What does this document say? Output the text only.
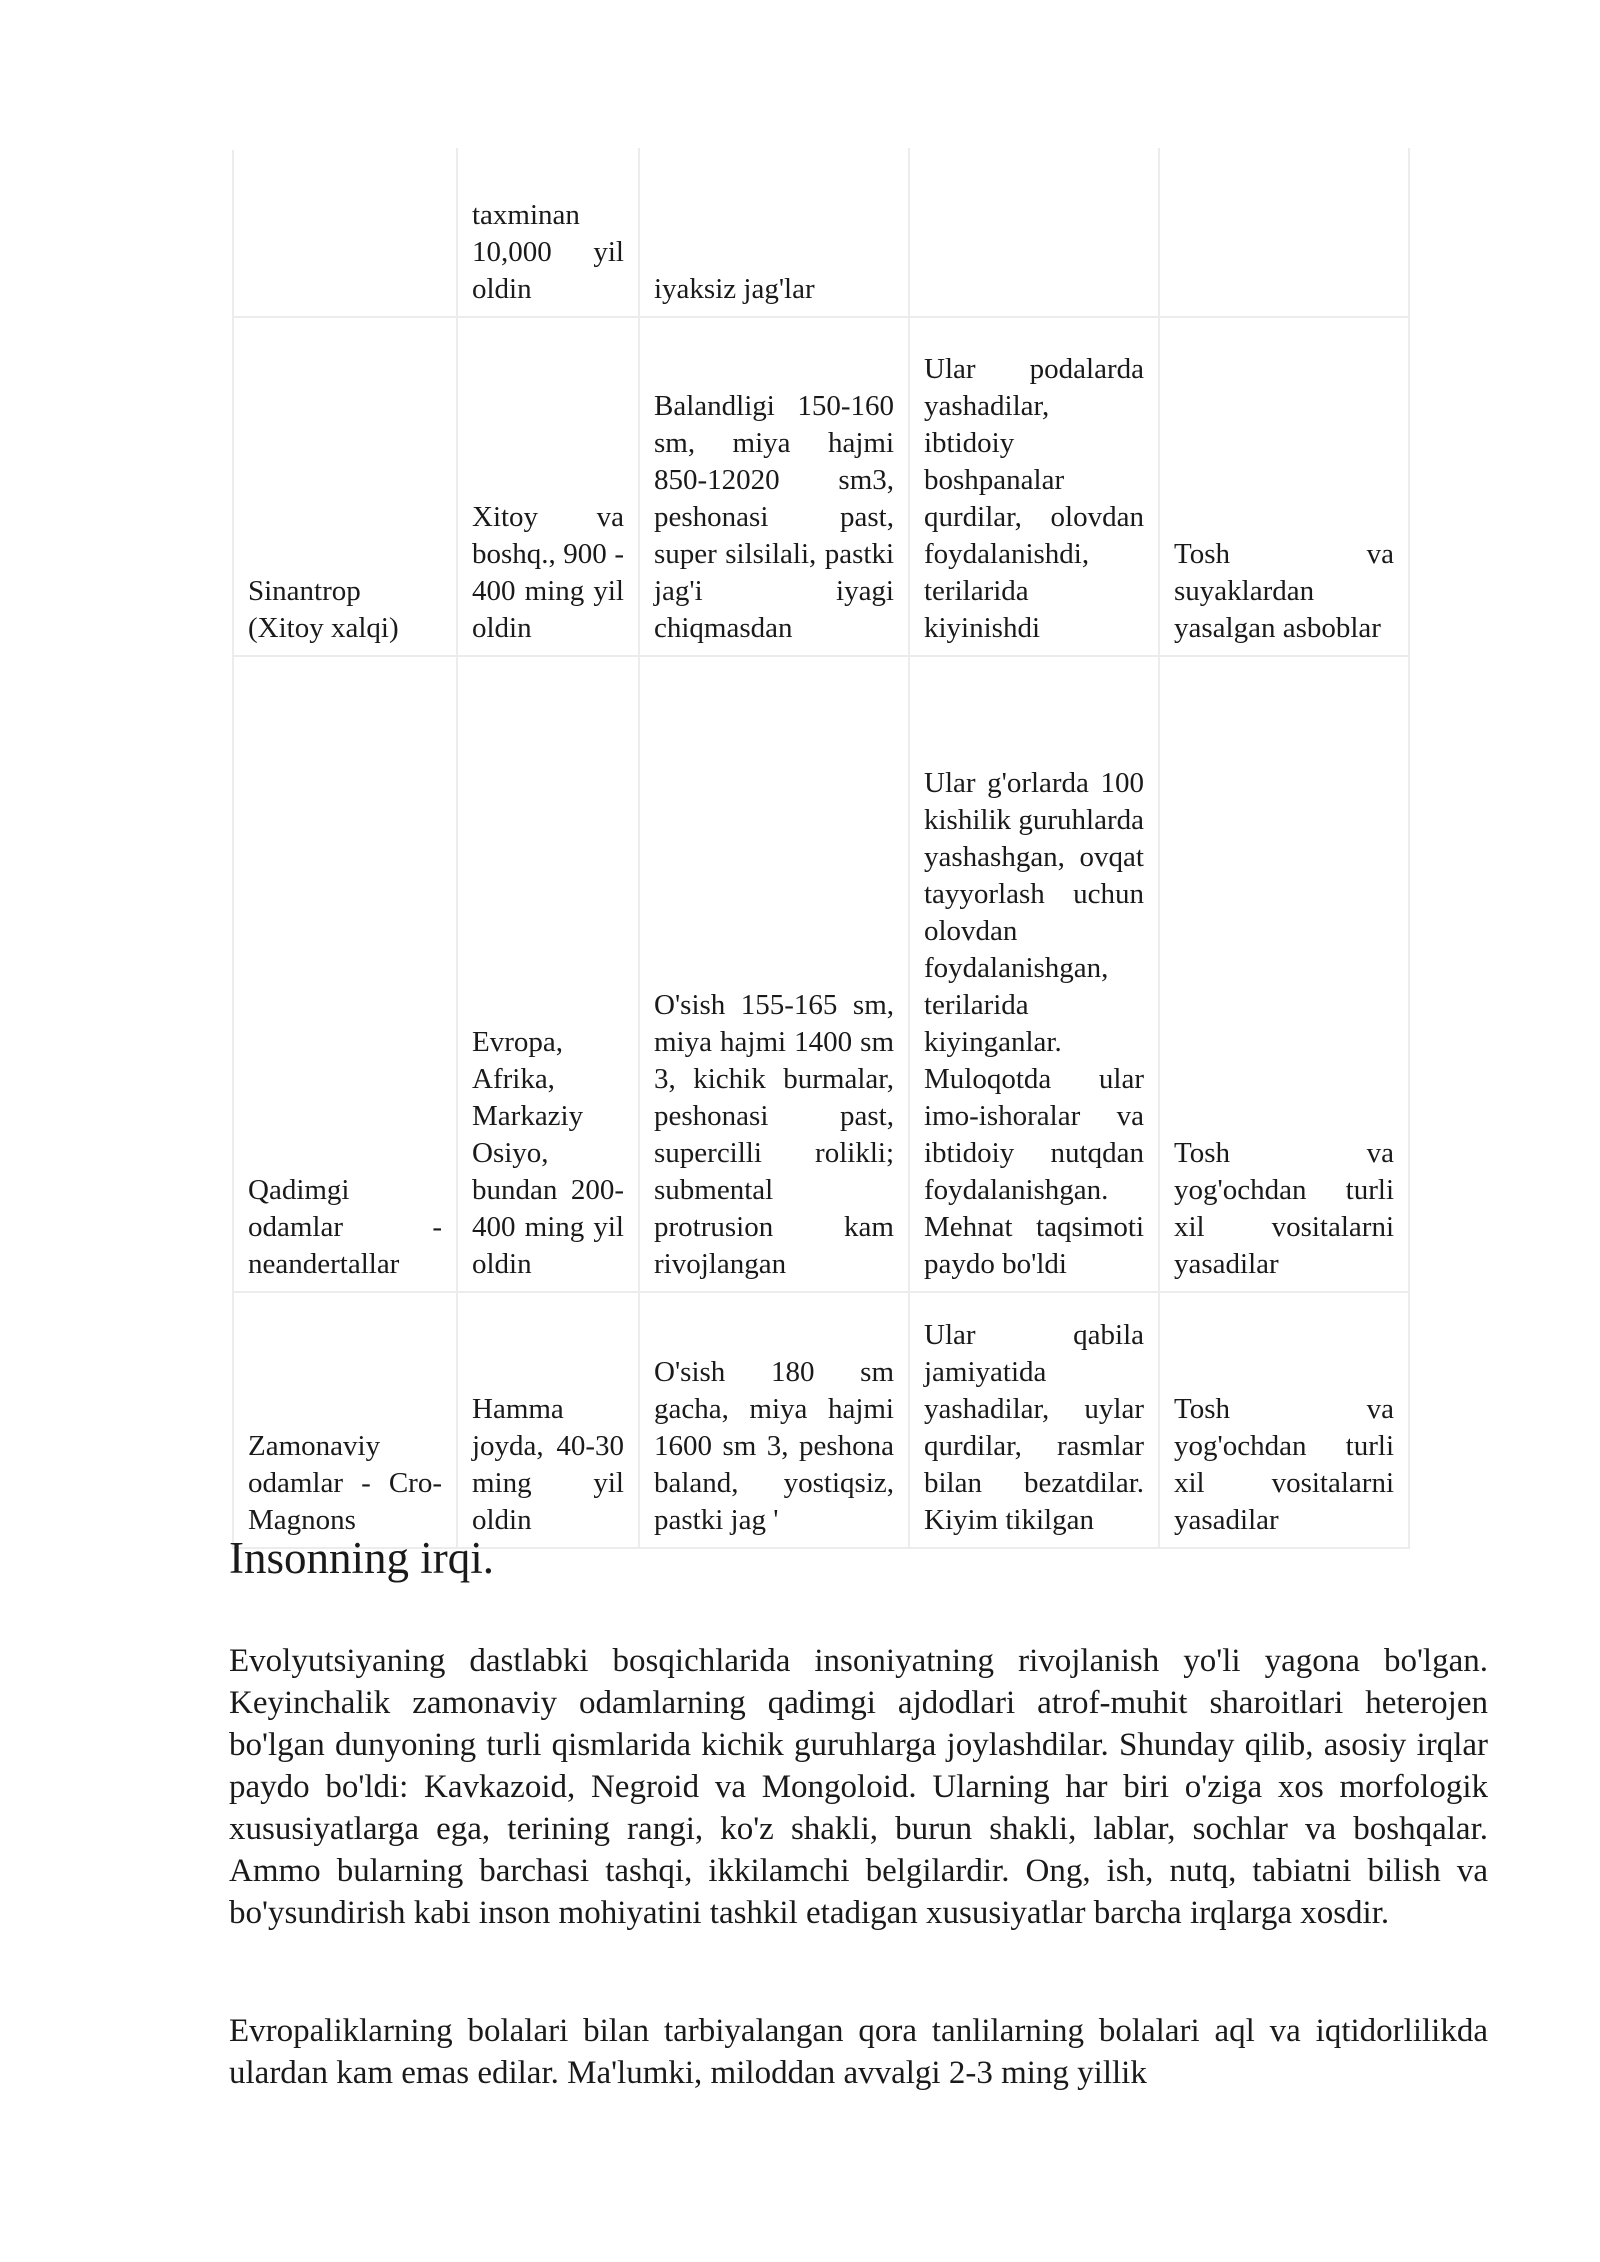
	taxminan 10,000 yil oldin	iyaksiz jag'lar		
Sinantrop (Xitoy xalqi)	Xitoy va boshq., 900 - 400 ming yil oldin	Balandligi 150-160 sm, miya hajmi 850-12020 sm3, peshonasi past, super silsilali, pastki jag'i iyagi chiqmasdan	Ular podalarda yashadilar, ibtidoiy boshpanalar qurdilar, olovdan foydalanishdi, terilarida kiyinishdi	Tosh va suyaklardan yasalgan asboblar
Qadimgi odamlar - neandertallar	Evropa, Afrika, Markaziy Osiyo, bundan 200-400 ming yil oldin	O'sish 155-165 sm, miya hajmi 1400 sm 3, kichik burmalar, peshonasi past, supercilli rolikli; submental protrusion kam rivojlangan	Ular g'orlarda 100 kishilik guruhlarda yashashgan, ovqat tayyorlash uchun olovdan foydalanishgan, terilarida kiyinganlar. Muloqotda ular imo-ishoralar va ibtidoiy nutqdan foydalanishgan. Mehnat taqsimoti paydo bo'ldi	Tosh va yog'ochdan turli xil vositalarni yasadilar
Zamonaviy odamlar - Cro-Magnons	Hamma joyda, 40-30 ming yil oldin	O'sish 180 sm gacha, miya hajmi 1600 sm 3, peshona baland, yostiqsiz, pastki jag '	Ular qabila jamiyatida yashadilar, uylar qurdilar, rasmlar bilan bezatdilar. Kiyim tikilgan	Tosh va yog'ochdan turli xil vositalarni yasadilar
Insonning irqi.

Evolyutsiyaning dastlabki bosqichlarida insoniyatning rivojlanish yo'li yagona bo'lgan. Keyinchalik zamonaviy odamlarning qadimgi ajdodlari atrof-muhit sharoitlari heterojen bo'lgan dunyoning turli qismlarida kichik guruhlarga joylashdilar. Shunday qilib, asosiy irqlar paydo bo'ldi: Kavkazoid, Negroid va Mongoloid. Ularning har biri o'ziga xos morfologik xususiyatlarga ega, terining rangi, ko'z shakli, burun shakli, lablar, sochlar va boshqalar. Ammo bularning barchasi tashqi, ikkilamchi belgilardir. Ong, ish, nutq, tabiatni bilish va bo'ysundirish kabi inson mohiyatini tashkil etadigan xususiyatlar barcha irqlarga xosdir.

Evropaliklarning bolalari bilan tarbiyalangan qora tanlilarning bolalari aql va iqtidorlilikda ulardan kam emas edilar. Ma'lumki, miloddan avvalgi 2-3 ming yillik
